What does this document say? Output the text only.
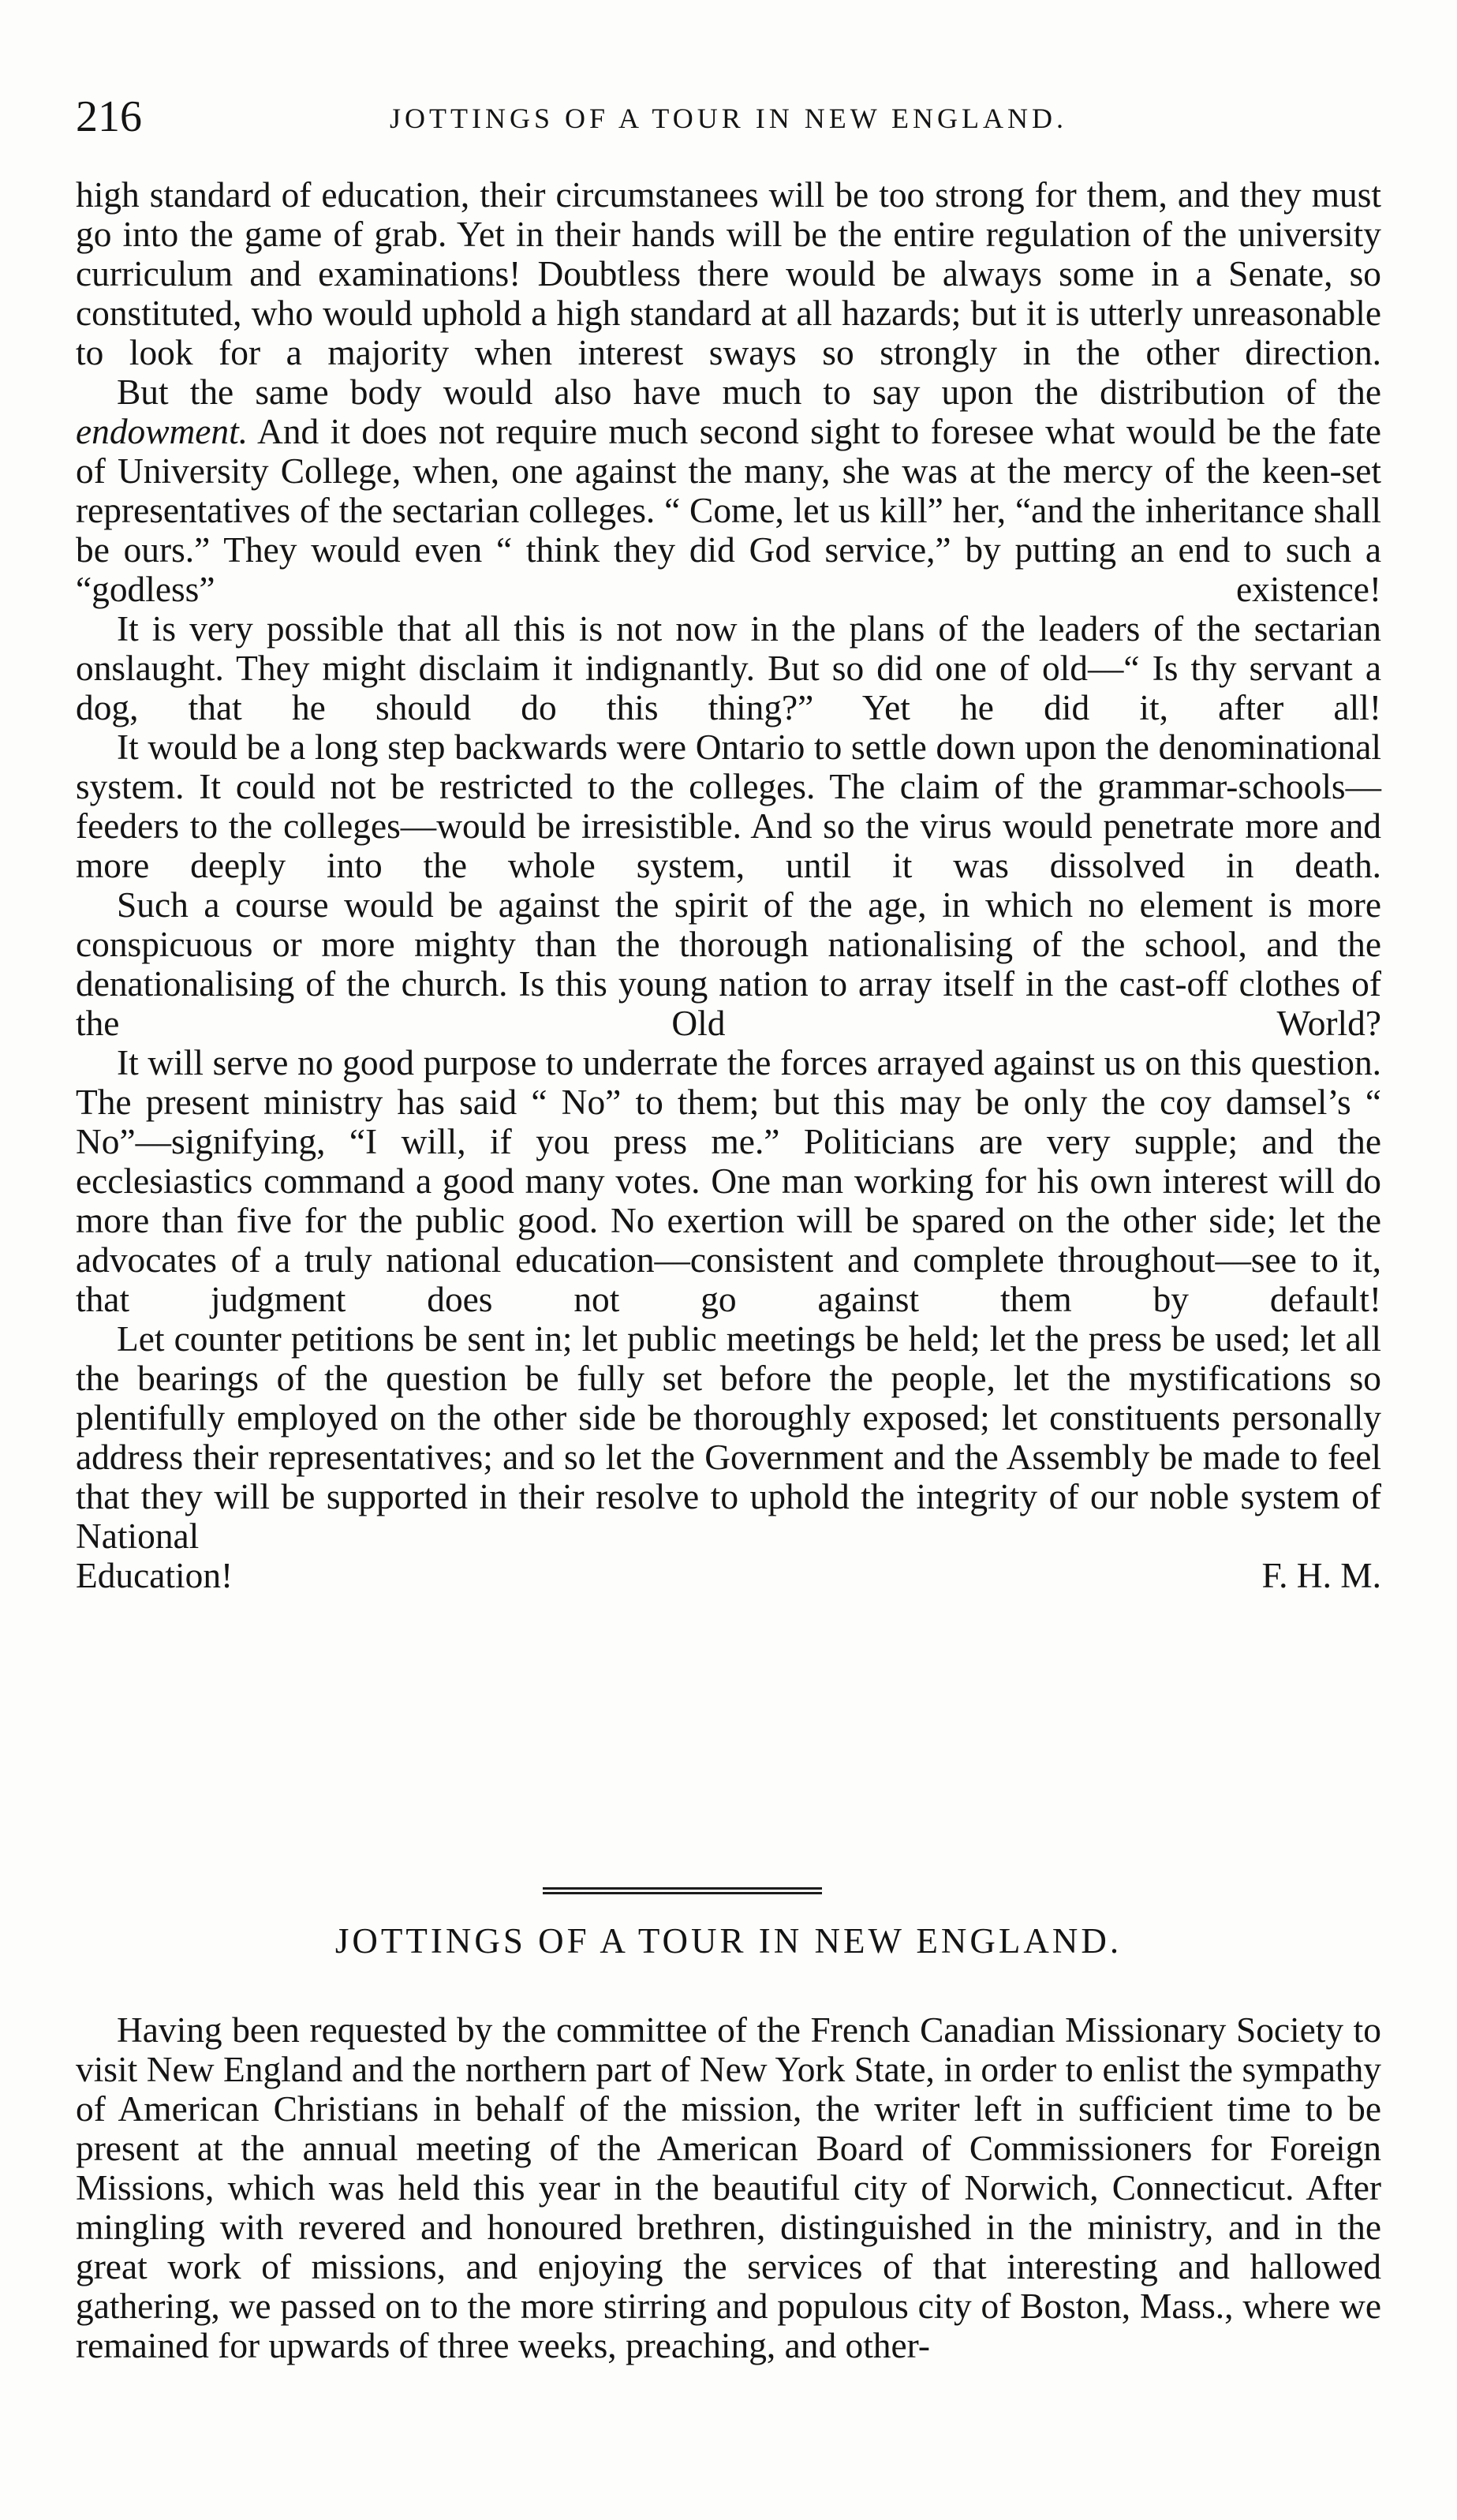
216	JOTTINGS OF A TOUR IN NEW ENGLAND.

high standard of education, their circumstanees will be too strong for them, and they must go into the game of grab. Yet in their hands will be the entire regulation of the university curriculum and examinations! Doubtless there would be always some in a Senate, so constituted, who would uphold a high standard at all hazards; but it is utterly unreasonable to look for a majority when interest sways so strongly in the other direction.

But the same body would also have much to say upon the distribution of the endowment. And it does not require much second sight to foresee what would be the fate of University College, when, one against the many, she was at the mercy of the keen-set representatives of the sectarian colleges. “ Come, let us kill” her, “and the inheritance shall be ours.” They would even “ think they did God service,” by putting an end to such a “godless” existence!

It is very possible that all this is not now in the plans of the leaders of the sectarian onslaught. They might disclaim it indignantly. But so did one of old—“ Is thy servant a dog, that he should do this thing?” Yet he did it, after all!

It would be a long step backwards were Ontario to settle down upon the denominational system. It could not be restricted to the colleges. The claim of the grammar-schools—feeders to the colleges—would be irresistible. And so the virus would penetrate more and more deeply into the whole system, until it was dissolved in death.

Such a course would be against the spirit of the age, in which no element is more conspicuous or more mighty than the thorough nationalising of the school, and the denationalising of the church. Is this young nation to array itself in the cast-off clothes of the Old World?

It will serve no good purpose to underrate the forces arrayed against us on this question. The present ministry has said “ No” to them; but this may be only the coy damsel’s “ No”—signifying, “I will, if you press me.” Politicians are very supple; and the ecclesiastics command a good many votes. One man working for his own interest will do more than five for the public good. No exertion will be spared on the other side; let the advocates of a truly national education—consistent and complete throughout—see to it, that judgment does not go against them by default!

Let counter petitions be sent in; let public meetings be held; let the press be used; let all the bearings of the question be fully set before the people, let the mystifications so plentifully employed on the other side be thoroughly exposed; let constituents personally address their representatives; and so let the Government and the Assembly be made to feel that they will be supported in their resolve to uphold the integrity of our noble system of National

Education!	F. H. M.
JOTTINGS OF A TOUR IN NEW ENGLAND.

Having been requested by the committee of the French Canadian Missionary Society to visit New England and the northern part of New York State, in order to enlist the sympathy of American Christians in behalf of the mission, the writer left in sufficient time to be present at the annual meeting of the American Board of Commissioners for Foreign Missions, which was held this year in the beautiful city of Norwich, Connecticut. After mingling with revered and honoured brethren, distinguished in the ministry, and in the great work of missions, and enjoying the services of that interesting and hallowed gathering, we passed on to the more stirring and populous city of Boston, Mass., where we remained for upwards of three weeks, preaching, and other-
